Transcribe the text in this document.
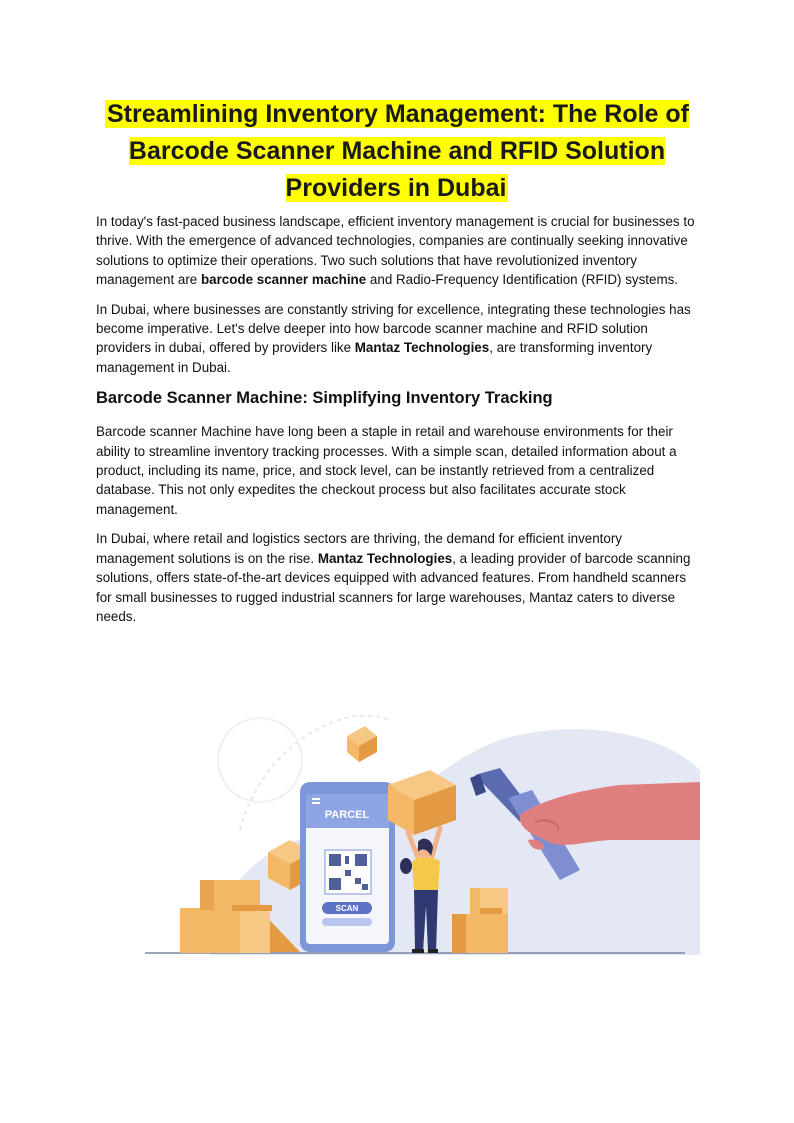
Streamlining Inventory Management: The Role of Barcode Scanner Machine and RFID Solution Providers in Dubai

In today's fast-paced business landscape, efficient inventory management is crucial for businesses to thrive. With the emergence of advanced technologies, companies are continually seeking innovative solutions to optimize their operations. Two such solutions that have revolutionized inventory management are barcode scanner machine and Radio-Frequency Identification (RFID) systems.

In Dubai, where businesses are constantly striving for excellence, integrating these technologies has become imperative. Let's delve deeper into how barcode scanner machine and RFID solution providers in dubai, offered by providers like Mantaz Technologies, are transforming inventory management in Dubai.

Barcode Scanner Machine: Simplifying Inventory Tracking

Barcode scanner Machine have long been a staple in retail and warehouse environments for their ability to streamline inventory tracking processes. With a simple scan, detailed information about a product, including its name, price, and stock level, can be instantly retrieved from a centralized database. This not only expedites the checkout process but also facilitates accurate stock management.

In Dubai, where retail and logistics sectors are thriving, the demand for efficient inventory management solutions is on the rise. Mantaz Technologies, a leading provider of barcode scanning solutions, offers state-of-the-art devices equipped with advanced features. From handheld scanners for small businesses to rugged industrial scanners for large warehouses, Mantaz caters to diverse needs.

PARCEL
SCAN
